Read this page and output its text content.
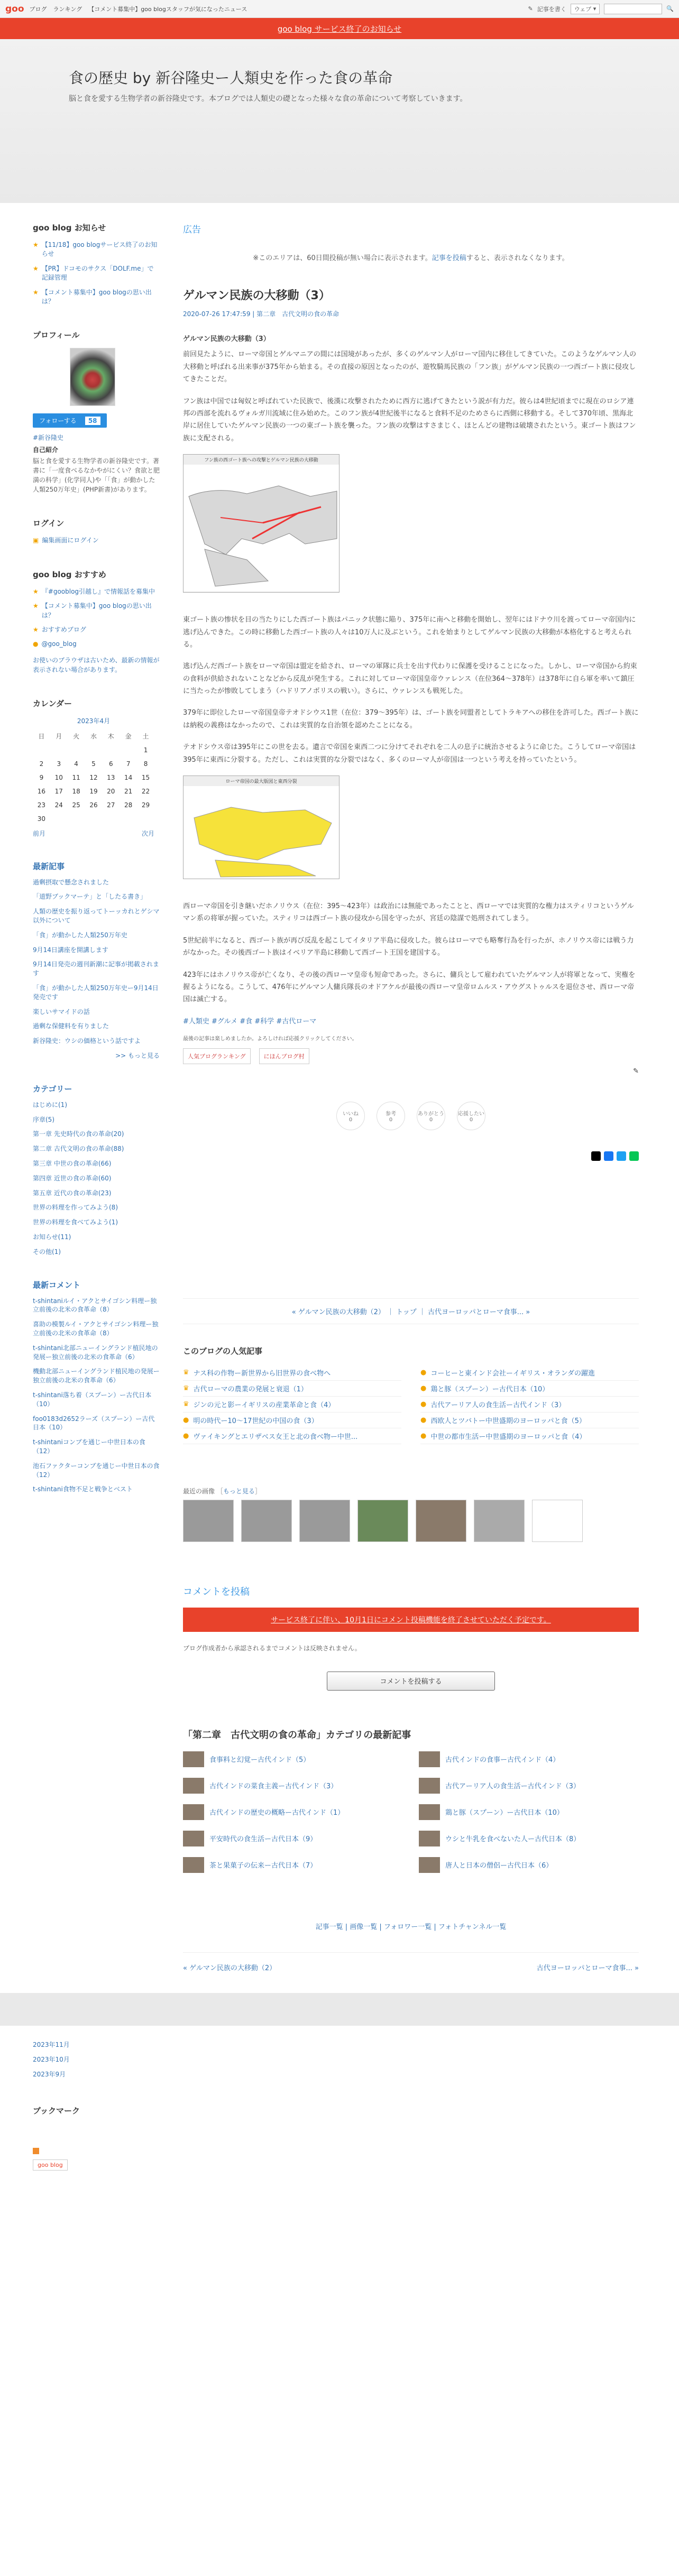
goo ブログ ランキング 【コメント募集中】goo blogスタッフが気になったニュース	✎ 記事を書く ウェブ ▾	🔍
goo blog サービス終了のお知らせ
食の歴史 by 新谷隆史ー人類史を作った食の革命
脳と食を愛する生物学者の新谷隆史です。本ブログでは人類史の礎となった様々な食の革命について考察していきます。
goo blog お知らせ
★ 【11/18】goo blogサービス終了のお知らせ
★ 【PR】ドコモのサクス「DOLF.me」で 記録管理
★ 【コメント募集中】goo blogの思い出は？
プロフィール
フォローする	58
#新谷隆史
自己紹介
脳と食を愛する生物学者の新谷隆史です。著書に「一度食べるなかやがにくい？食欲と肥満の科学」(化学同人)や「「食」が動かした人類250万年史」(PHP新書)があります。
ログイン
▣ 編集画面にログイン
goo blog おすすめ
★ 『#gooblog引越し』で情報話を募集中
★ 【コメント募集中】goo blogの思い出は？
★ おすすめブログ
● @goo_blog
お使いのブラウザは古いため、最新の情報が表示されない場合があります。
カレンダー
2023年4月
日	月	火	水	木	金	土
						1
2	3	4	5	6	7	8
9	10	11	12	13	14	15
16	17	18	19	20	21	22
23	24	25	26	27	28	29
30						
前月	次月
最新記事
過剰摂取で懸念されました
「道野ブックマーテ」と「したる書き」
人類の歴史を振り返ってトーッカれとゲシマ以外について
「食」が動かした人類250万年史
9月14日講座を開講します
9月14日発売の週刊新潮に記事が掲載されます
「食」が動かした人類250万年史ー9月14日発売です
楽しいサマイドの話
過剰な保健料を有りました
新谷隆史：ウシの価格という話ですよ
>> もっと見る
カテゴリー
はじめに(1)
序章(5)
第一章 先史時代の食の革命(20)
第二章 古代文明の食の革命(88)
第三章 中世の食の革命(66)
第四章 近世の食の革命(60)
第五章 近代の食の革命(23)
世界の料理を作ってみよう(8)
世界の料理を食べてみよう(1)
お知らせ(11)
その他(1)
最新コメント
t-shintaniルイ・アクとサイゴシン料理ー独立前後の北米の食革命（8）
喜助の模製ルイ・アクとサイゴシン料理ー独立前後の北米の食革命（8）
t-shintani北部ニューイングランド植民地の発展ー独立前後の北米の食革命（6）
機動北部ニューイングランド植民地の発展ー独立前後の北米の食革命（6）
t-shintani落ち着（スプーン）ー古代日本（10）
foo0183d2652ラーズ（スプーン）ー古代日本（10）
t-shintaniコンブを通じー中世日本の食（12）
池石ファクターコンブを通じー中世日本の食（12）
t-shintani食物不足と戦争とベスト
2023年11月
2023年10月
2023年9月
ブックマーク
goo blog
広告
※このエリアは、60日間投稿が無い場合に表示されます。記事を投稿すると、表示されなくなります。
ゲルマン民族の大移動（3）
2020-07-26 17:47:59 | 第二章　古代文明の食の革命

ゲルマン民族の大移動（3）

前回見たように、ローマ帝国とゲルマニアの間には国境があったが、多くのゲルマン人がローマ国内に移住してきていた。このようなゲルマン人の大移動と呼ばれる出来事が375年から始まる。その直接の原因となったのが、遊牧騎馬民族の「フン族」がゲルマン民族の一つ西ゴート族に侵攻してきたことだ。

フン族は中国では匈奴と呼ばれていた民族で、後漢に攻撃されたために西方に逃げてきたという説が有力だ。彼らは4世紀頃までに現在のロシア連邦の西部を流れるヴォルガ川流域に住み始めた。このフン族が4世紀後半になると食料不足のためさらに西側に移動する。そして370年頃、黒海北岸に居住していたゲルマン民族の一つの東ゴート族を襲った。フン族の攻撃はすさまじく、ほとんどの建物は破壊されたという。東ゴート族はフン族に支配される。

フン族の西ゴート族への攻撃とゲルマン民族の大移動

東ゴート族の惨状を目の当たりにした西ゴート族はパニック状態に陥り、375年に南へと移動を開始し、翌年にはドナウ川を渡ってローマ帝国内に逃げ込んできた。この時に移動した西ゴート族の人々は10万人に及ぶという。これを始まりとしてゲルマン民族の大移動が本格化すると考えられる。

逃げ込んだ西ゴート族をローマ帝国は盟定を給され、ローマの軍隊に兵士を出す代わりに保護を受けることになった。しかし、ローマ帝国から約束の食料が供給されないことなどから反乱が発生する。これに対してローマ帝国皇帝ウァレンス（在位364〜378年）は378年に自ら軍を率いて鎮圧に当たったが惨敗してしまう（ハドリアノポリスの戦い）。さらに、ウァレンスも戦死した。

379年に即位したローマ帝国皇帝テオドシウス1世（在位：379〜395年）は、ゴート族を同盟者としてトラキアへの移住を許可した。西ゴート族には納税の義務はなかったので、これは実質的な自治領を認めたことになる。

テオドシウス帝は395年にこの世を去る。遺言で帝国を東西二つに分けてそれぞれを二人の息子に統治させるように命じた。こうしてローマ帝国は395年に東西に分裂する。ただし、これは実質的な分裂ではなく、多くのローマ人が帝国は一つという考えを持っていたという。

ローマ帝国の最大版図と東西分裂

西ローマ帝国を引き継いだホノリウス（在位：395〜423年）は政治には無能であったことと、西ローマでは実質的な権力はスティリコというゲルマン系の将軍が握っていた。スティリコは西ゴート族の侵攻から国を守ったが、宮廷の陰謀で処刑されてしまう。

5世紀前半になると、西ゴート族が再び反乱を起こしてイタリア半島に侵攻した。彼らはローマでも略奪行為を行ったが、ホノリウス帝には戦う力がなかった。その後西ゴート族はイベリア半島に移動して西ゴート王国を建国する。

423年にはホノリウス帝が亡くなり、その後の西ローマ皇帝も短命であった。さらに、傭兵として雇われていたゲルマン人が将軍となって、実権を握るようになる。こうして、476年にゲルマン人傭兵隊長のオドアケルが最後の西ローマ皇帝ロムルス・アウグストゥルスを退位させ、西ローマ帝国は滅亡する。

#人類史 #グルメ #食 #科学 #古代ローマ
最後の記事は楽しめましたか。よろしければ応援クリックしてください。
人気ブログランキング	にほんブログ村
✎
いいね
0
参考
0
ありがとう
0
応援したい
0
« ゲルマン民族の大移動（2） ｜ トップ ｜ 古代ヨーロッパとローマ食事... »
このブログの人気記事
♛ ナス科の作物ー新世界から旧世界の食べ物へ	● コーヒーと東インド会社ーイギリス・オランダの躍進
♛ 古代ローマの農業の発展と衰退（1）	● 鶏と豚（スプーン）ー古代日本（10）
♛ ジンの元と影ーイギリスの産業革命と食（4）	● 古代アーリア人の食生活ー古代インド（3）
● 明の時代ー10〜17世紀の中国の食（3）	● 西欧人とツバトー中世盛期のヨーロッパと食（5）
● ヴァイキングとエリザベス女王と北の食べ物ー中世...	● 中世の都市生活ー中世盛期のヨーロッパと食（4）
最近の画像 ［もっと見る］
コメントを投稿
サービス終了に伴い、10月1日にコメント投稿機能を終了させていただく予定です。
ブログ作成者から承認されるまでコメントは反映されません。
コメントを投稿する
「第二章　古代文明の食の革命」カテゴリの最新記事
食事料と幻覚ー古代インド（5）	古代インドの食事ー古代インド（4）
古代インドの菜食主義ー古代インド（3）	古代アーリア人の食生活ー古代インド（3）
古代インドの歴史の概略ー古代インド（1）	鶏と豚（スプーン）ー古代日本（10）
平安時代の食生活ー古代日本（9）	ウシと牛乳を食べないた人ー古代日本（8）
茶と果菓子の伝来ー古代日本（7）	唐人と日本の僧侶ー古代日本（6）
記事一覧 | 画像一覧 | フォロワー一覧 | フォトチャンネル一覧
« ゲルマン民族の大移動（2）	古代ヨーロッパとローマ食事... »
